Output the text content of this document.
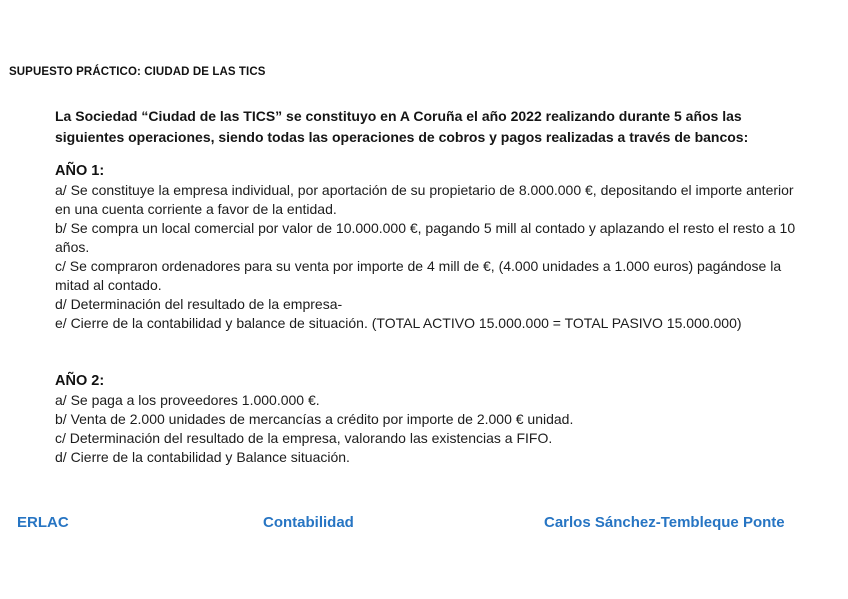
SUPUESTO PRÁCTICO: CIUDAD DE LAS TICS
La Sociedad “Ciudad de las TICS” se constituyo en A Coruña el año 2022 realizando durante 5 años las siguientes operaciones, siendo todas las operaciones de cobros y pagos realizadas a través de bancos:
AÑO 1:

a/ Se constituye la empresa individual, por aportación de su propietario de 8.000.000 €, depositando el importe anterior en una cuenta corriente a favor de la entidad.

b/ Se compra un local comercial por valor de 10.000.000 €, pagando 5 mill al contado y aplazando el resto el resto a 10 años.

c/ Se compraron ordenadores para su venta por importe de 4 mill de €, (4.000 unidades a 1.000 euros) pagándose la mitad al contado.

d/ Determinación del resultado de la empresa-

e/ Cierre de la contabilidad y balance de situación. (TOTAL ACTIVO 15.000.000 = TOTAL PASIVO 15.000.000)

AÑO 2:

a/ Se paga a los proveedores 1.000.000 €.

b/ Venta de 2.000 unidades de mercancías a crédito por importe de 2.000 € unidad.

c/ Determinación del resultado de la empresa, valorando las existencias a FIFO.

d/ Cierre de la contabilidad y Balance situación.

ERLAC	Contabilidad	Carlos Sánchez-Tembleque Ponte
